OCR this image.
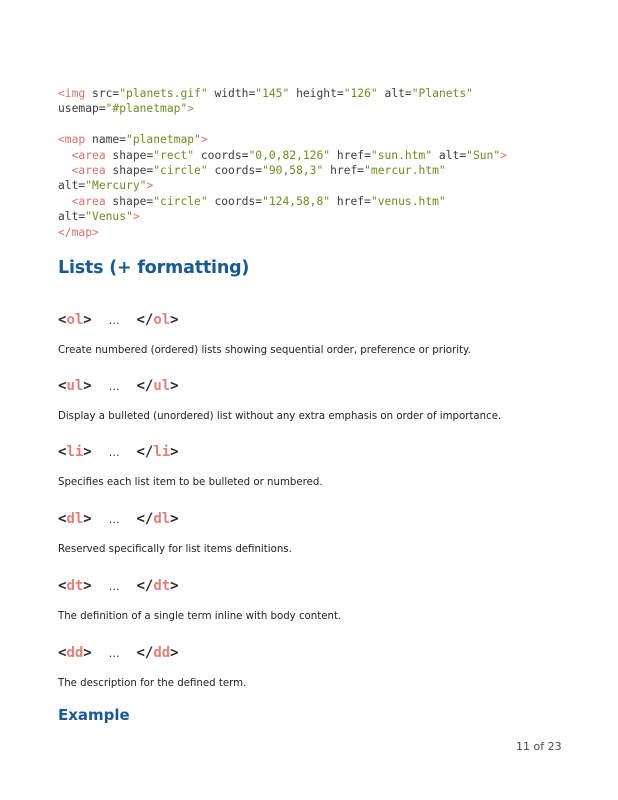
<img src="planets.gif" width="145" height="126" alt="Planets"
usemap="#planetmap">
<map name="planetmap">
<area shape="rect" coords="0,0,82,126" href="sun.htm" alt="Sun">
<area shape="circle" coords="90,58,3" href="mercur.htm"
alt="Mercury">
<area shape="circle" coords="124,58,8" href="venus.htm"
alt="Venus">
</map>
Lists (+ formatting)
<ol> … </ol>
Create numbered (ordered) lists showing sequential order, preference or priority.
<ul> … </ul>
Display a bulleted (unordered) list without any extra emphasis on order of importance.
<li> … </li>
Specifies each list item to be bulleted or numbered.
<dl> … </dl>
Reserved specifically for list items definitions.
<dt> … </dt>
The definition of a single term inline with body content.
<dd> … </dd>
The description for the defined term.
Example
11 of 23
